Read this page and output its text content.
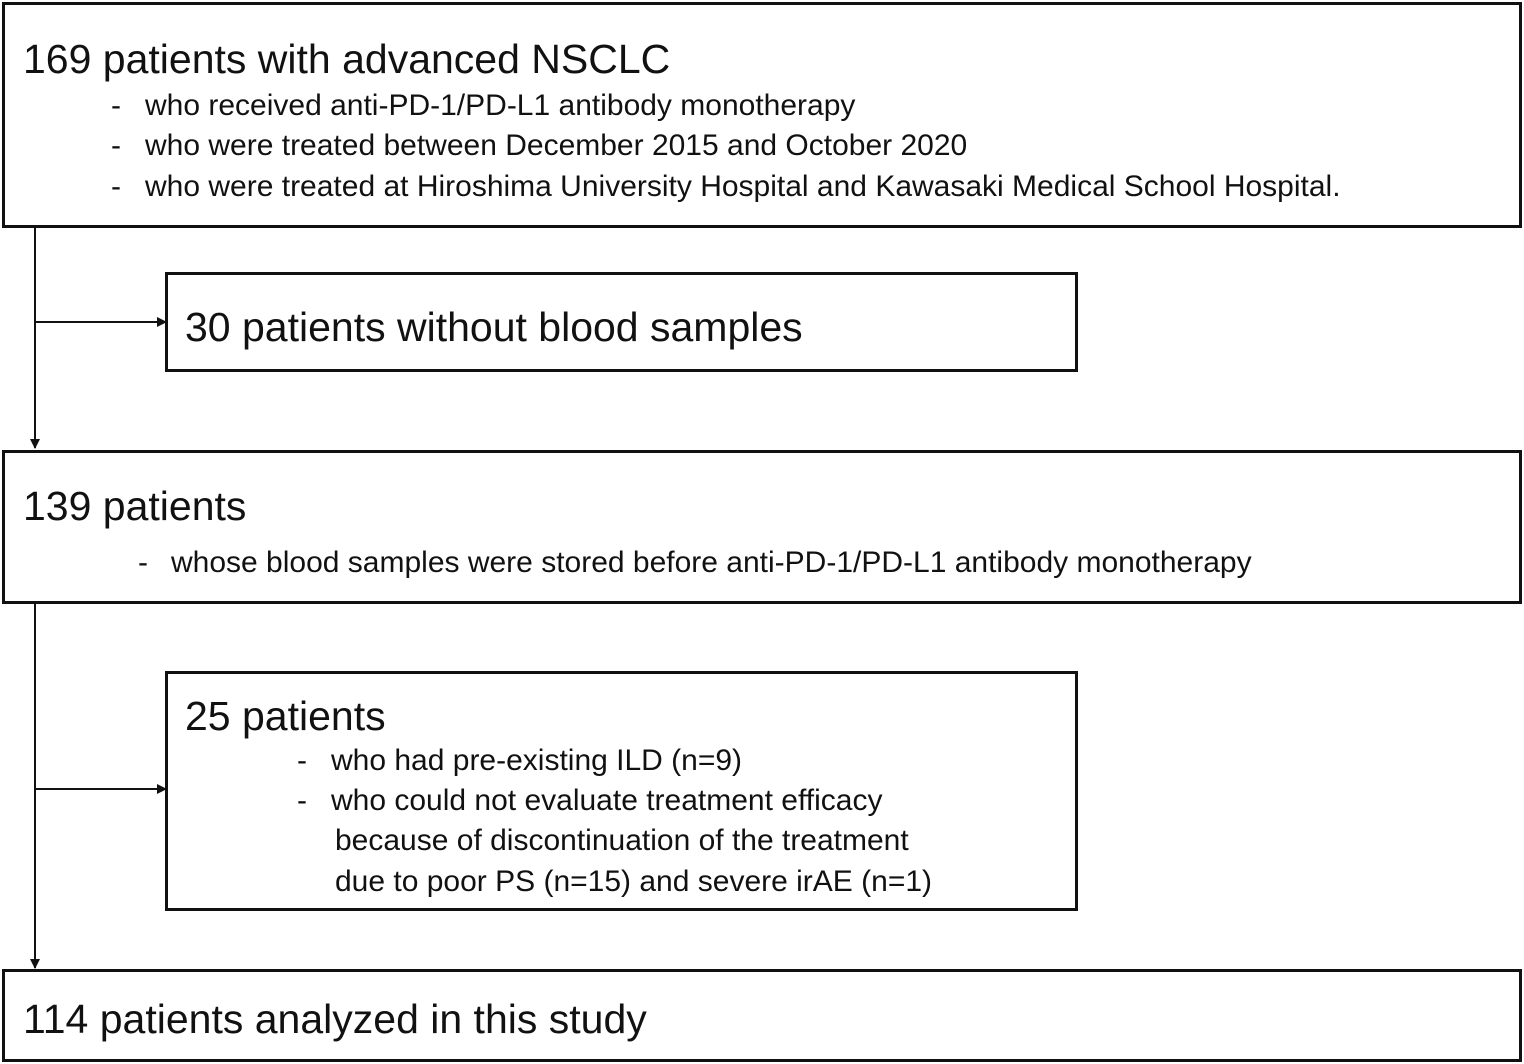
169 patients with advanced NSCLC
- who received anti-PD-1/PD-L1 antibody monotherapy
- who were treated between December 2015 and October 2020
- who were treated at Hiroshima University Hospital and Kawasaki Medical School Hospital.
30 patients without blood samples
139 patients
- whose blood samples were stored before anti-PD-1/PD-L1 antibody monotherapy
25 patients
- who had pre-existing ILD (n=9)
- who could not evaluate treatment efficacy
because of discontinuation of the treatment
due to poor PS (n=15) and severe irAE (n=1)
114 patients analyzed in this study
